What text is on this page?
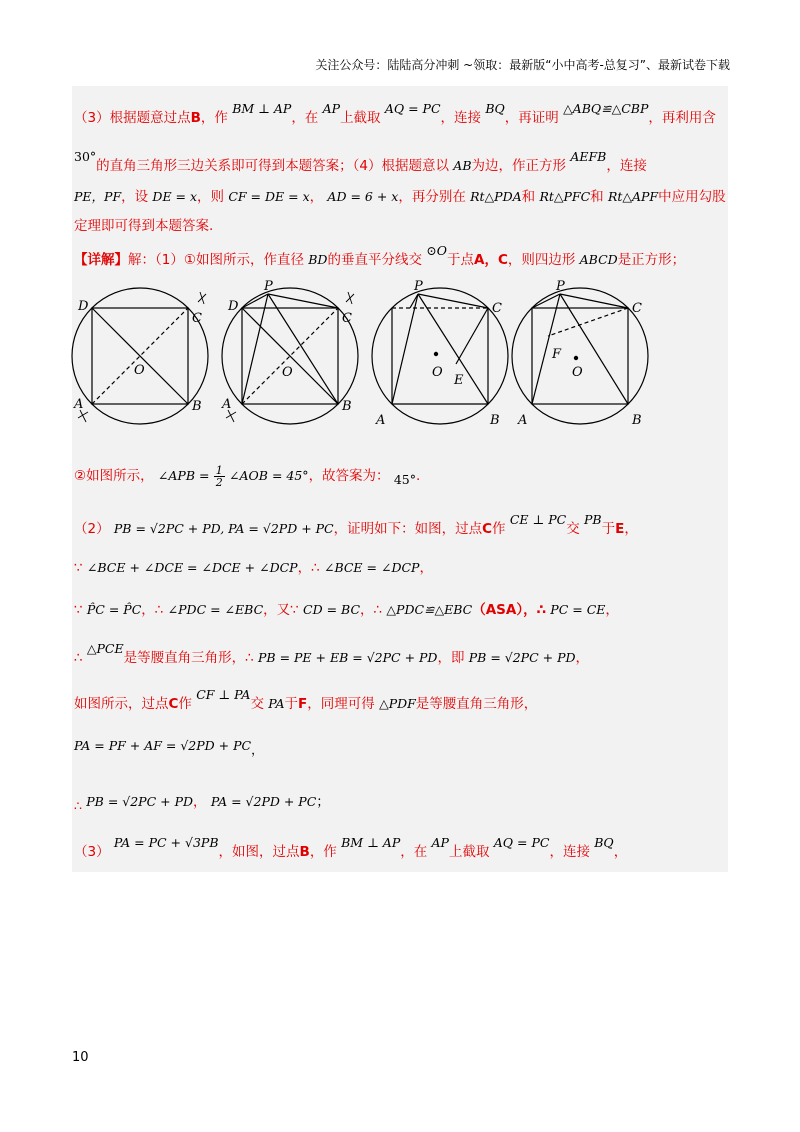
关注公众号：陆陆高分冲刺 ~领取：最新版“小中高考-总复习”、最新试卷下载
（3）根据题意过点B，作 BM ⊥ AP，在 AP上截取 AQ = PC，连接 BQ，再证明 △ABQ≌△CBP，再利用含
30°的直角三角形三边关系即可得到本题答案；（4）根据题意以 AB为边，作正方形 AEFB，连接
PE，PF，设 DE = x，则 CF = DE = x， AD = 6 + x，再分别在 Rt△PDA和 Rt△PFC和 Rt△APF中应用勾股
定理即可得到本题答案.
【详解】解：（1）①如图所示，作直径 BD的垂直平分线交 ⊙O于点A，C，则四边形 ABCD是正方形；
D
C
O
A	B
P
D
C
O
A	B
P
C
O
E
A	B
P
C
F
O
A	B
②如图所示， ∠APB = $\frac{1}{2}$ ∠AOB = 45°，故答案为： 45°.
（2） PB = √2PC + PD, PA = √2PD + PC，证明如下：如图，过点C作 CE ⊥ PC交 PB于E，
∵ ∠BCE + ∠DCE = ∠DCE + ∠DCP，∴ ∠BCE = ∠DCP，
∵ P̂C = P̂C，∴ ∠PDC = ∠EBC，又∵ CD = BC，∴ △PDC≌△EBC（ASA），∴ PC = CE，
∴ △PCE是等腰直角三角形，∴ PB = PE + EB = √2PC + PD，即 PB = √2PC + PD，
如图所示，过点C作 CF ⊥ PA交 PA于F，同理可得 △PDF是等腰直角三角形，
PA = PF + AF = √2PD + PC，
∴ PB = √2PC + PD， PA = √2PD + PC；
（3） PA = PC + √3PB，如图，过点B，作 BM ⊥ AP，在 AP上截取 AQ = PC，连接 BQ，
10
